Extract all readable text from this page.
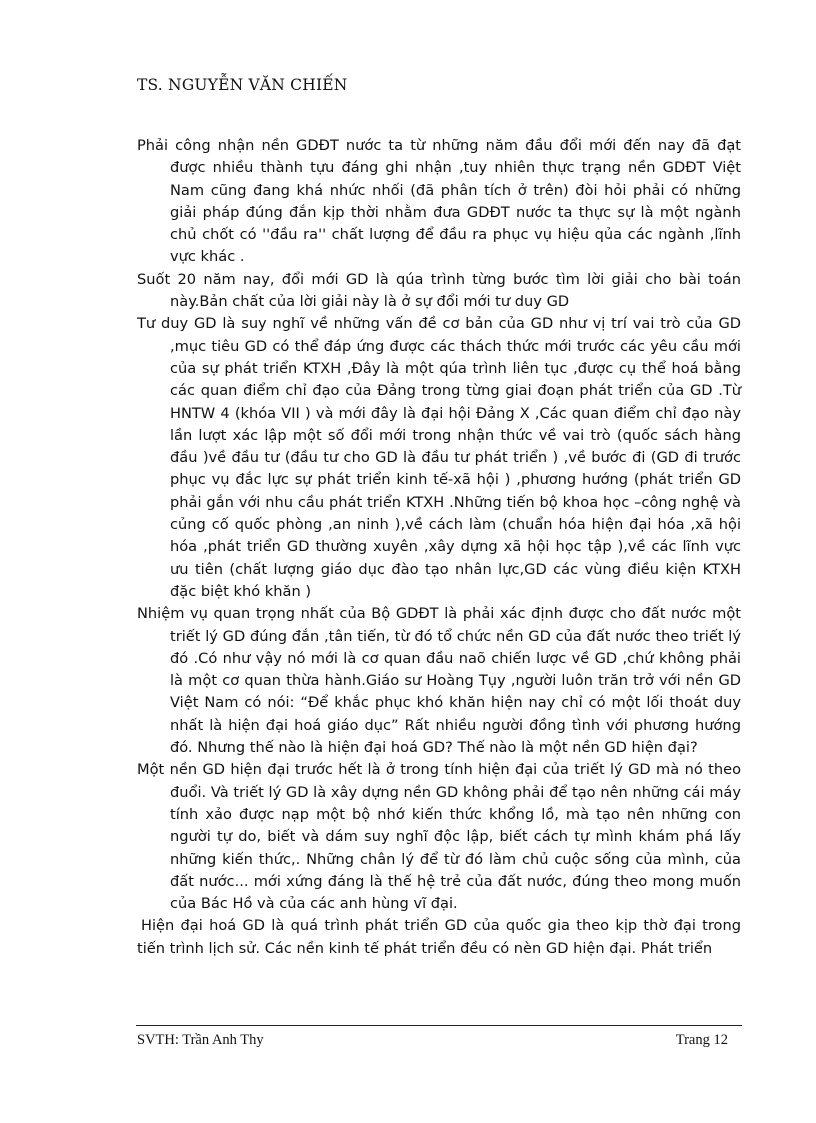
TS. NGUYỄN VĂN CHIẾN

Phải công nhận nền GDĐT nước ta từ những năm đầu đổi mới đến nay đã đạt được nhiều thành tựu đáng ghi nhận ,tuy nhiên thực trạng nền GDĐT Việt Nam cũng đang khá nhức nhối (đã phân tích ở trên) đòi hỏi phải có những giải pháp đúng đắn kịp thời nhằm đưa GDĐT nước ta thực sự là một ngành chủ chốt có ''đầu ra'' chất lượng để đầu ra phục vụ hiệu qủa các ngành ,lĩnh vực khác .

Suốt 20 năm nay, đổi mới GD là qúa trình từng bước tìm lời giải cho bài toán này.Bản chất của lời giải này là ở sự đổi mới tư duy GD

Tư duy GD là suy nghĩ về những vấn đề cơ bản của GD như vị trí vai trò của GD ,mục tiêu GD có thể đáp ứng được các thách thức mới trước các yêu cầu mới của sự phát triển KTXH ,Đây là một qúa trình liên tục ,được cụ thể hoá bằng các quan điểm chỉ đạo của Đảng trong từng giai đoạn phát triển của GD .Từ HNTW 4 (khóa VII ) và mới đây là đại hội Đảng X ,Các quan điểm chỉ đạo này lần lượt xác lập một số đổi mới trong nhận thức về vai trò (quốc sách hàng đầu )về đầu tư (đầu tư cho GD là đầu tư phát triển ) ,về bước đi (GD đi trước phục vụ đắc lực sự phát triển kinh tế-xã hội ) ,phương hướng (phát triển GD phải gắn với nhu cầu phát triển KTXH .Những tiến bộ khoa học –công nghệ và củng cố quốc phòng ,an ninh ),về cách làm (chuẩn hóa hiện đại hóa ,xã hội hóa ,phát triển GD thường xuyên ,xây dựng xã hội học tập ),về các lĩnh vực ưu tiên (chất lượng giáo dục đào tạo nhân lực,GD các vùng điều kiện KTXH đặc biệt khó khăn )

Nhiệm vụ quan trọng nhất của Bộ GDĐT là phải xác định được cho đất nước một triết lý GD đúng đắn ,tân tiến, từ đó tổ chức nền GD của đất nước theo triết lý đó .Có như vậy nó mới là cơ quan đầu naõ chiến lược về GD ,chứ không phải là một cơ quan thừa hành.Giáo sư Hoàng Tụy ,người luôn trăn trở với nền GD Việt Nam có nói: “Để khắc phục khó khăn hiện nay chỉ có một lối thoát duy nhất là hiện đại hoá giáo dục” Rất nhiều người đồng tình với phương hướng đó. Nhưng thế nào là hiện đại hoá GD? Thế nào là một nền GD hiện đại?

Một nền GD hiện đại trước hết là ở trong tính hiện đại của triết lý GD mà nó theo đuổi. Và triết lý GD là xây dựng nền GD không phải để tạo nên những cái máy tính xảo được nạp một bộ nhớ kiến thức khổng lồ, mà tạo nên những con người tự do, biết và dám suy nghĩ độc lập, biết cách tự mình khám phá lấy những kiến thức,. Những chân lý để từ đó làm chủ cuộc sống của mình, của đất nước... mới xứng đáng là thế hệ trẻ của đất nước, đúng theo mong muốn của Bác Hồ và của các anh hùng vĩ đại.

Hiện đại hoá GD là quá trình phát triển GD của quốc gia theo kịp thờ đại trong tiến trình lịch sử. Các nền kinh tế phát triển đều có nèn GD hiện đại. Phát triển

SVTH: Trần Anh Thy	Trang 12
